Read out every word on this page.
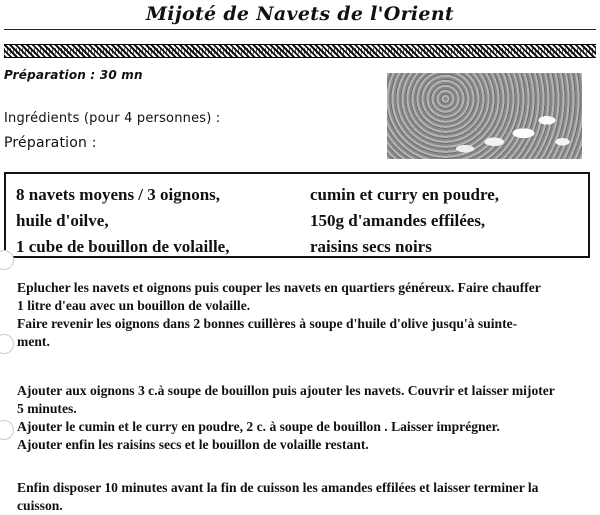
Mijoté de Navets de l'Orient
Préparation : 30 mn
Ingrédients (pour 4 personnes) :
Préparation :
8 navets moyens / 3 oignons,
huile d'oilve,
1 cube de bouillon de volaille,
cumin et curry en poudre,
150g d'amandes effilées,
raisins secs noirs

Eplucher les navets et oignons puis couper les navets en quartiers généreux. Faire chauffer

1 litre d'eau avec un bouillon de volaille.

Faire revenir les oignons dans 2 bonnes cuillères à soupe d'huile d'olive jusqu'à suinte-

ment.

Ajouter aux oignons 3 c.à soupe de bouillon puis ajouter les navets. Couvrir et laisser mijoter

5 minutes.

Ajouter le cumin et le curry en poudre, 2 c. à soupe de bouillon . Laisser imprégner.

Ajouter enfin les raisins secs et le bouillon de volaille restant.

Enfin disposer 10 minutes avant la fin de cuisson les amandes effilées et laisser terminer la

cuisson.
